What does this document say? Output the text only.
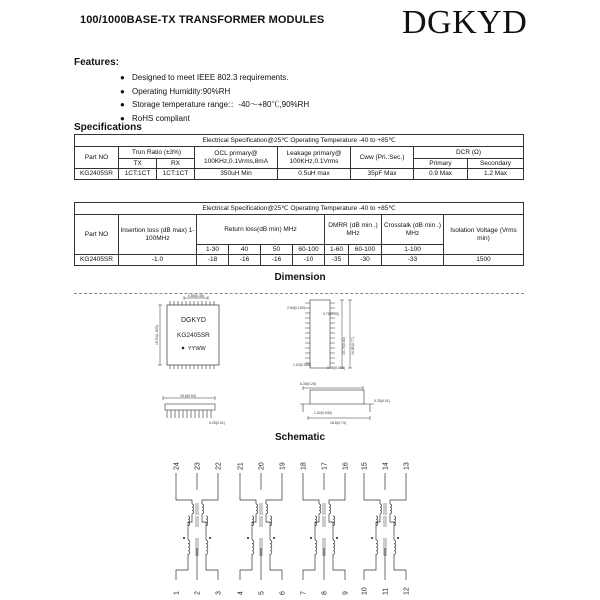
100/1000BASE-TX TRANSFORMER MODULES DGKYD
Features:
● Designed to meet IEEE 802.3 requirements.
● Operating Humidity:90%RH
● Storage temperature range:：-40～+80℃,90%RH
● RoHS compliant
Specifications
Electrical Specification@25℃ Operating Temperature -40 to +85℃							
Part NO	Trun Ratio (±3%)		OCL primary@ 100KHz,0.1Vrms,8mA	Leakage primary@ 100KHz,0.1Vrms	Cww (Pri.:Sec.)	DCR (Ω)	
	TX	RX				Primary	Secondary
KG2405SR	1CT:1CT	1CT:1CT	350uH Min	0.5uH max	35pF Max	0.9 Max	1.2 Max
Electrical Specification@25℃ Operating Temperature -40 to +85℃									
Part NO	Insertion loss (dB max) 1-100MHz	Return loss(dB min) MHz				DMRR (dB min .) MHz		Crosstalk (dB min .) MHz	Isolation Voltage (Vrms min)
		1-30	40	50	60-100	1-60	60-100	1-100	
KG2405SR	-1.0	-18	-16	-16	-10	-35	-30	-33	1500
Dimension
0.86(0.38)
16.54(1.803)
DGKYD
KG2405SR
YYWW
2.54(0.100)
0.76(0.30)
15.75(0.62) 16.85(0.77)
0.46(0.018)
1.02(0.089)
15.6(0.54)
0.25(0.01)
6.35(0.25)
1.02(0.040)
18.8(0.74)
0.25(0.01)
Schematic
24
1
23
2
22
3
21
4
20
5
19
6
18
7
17
8
16
9
15
10
14
11
13
12
